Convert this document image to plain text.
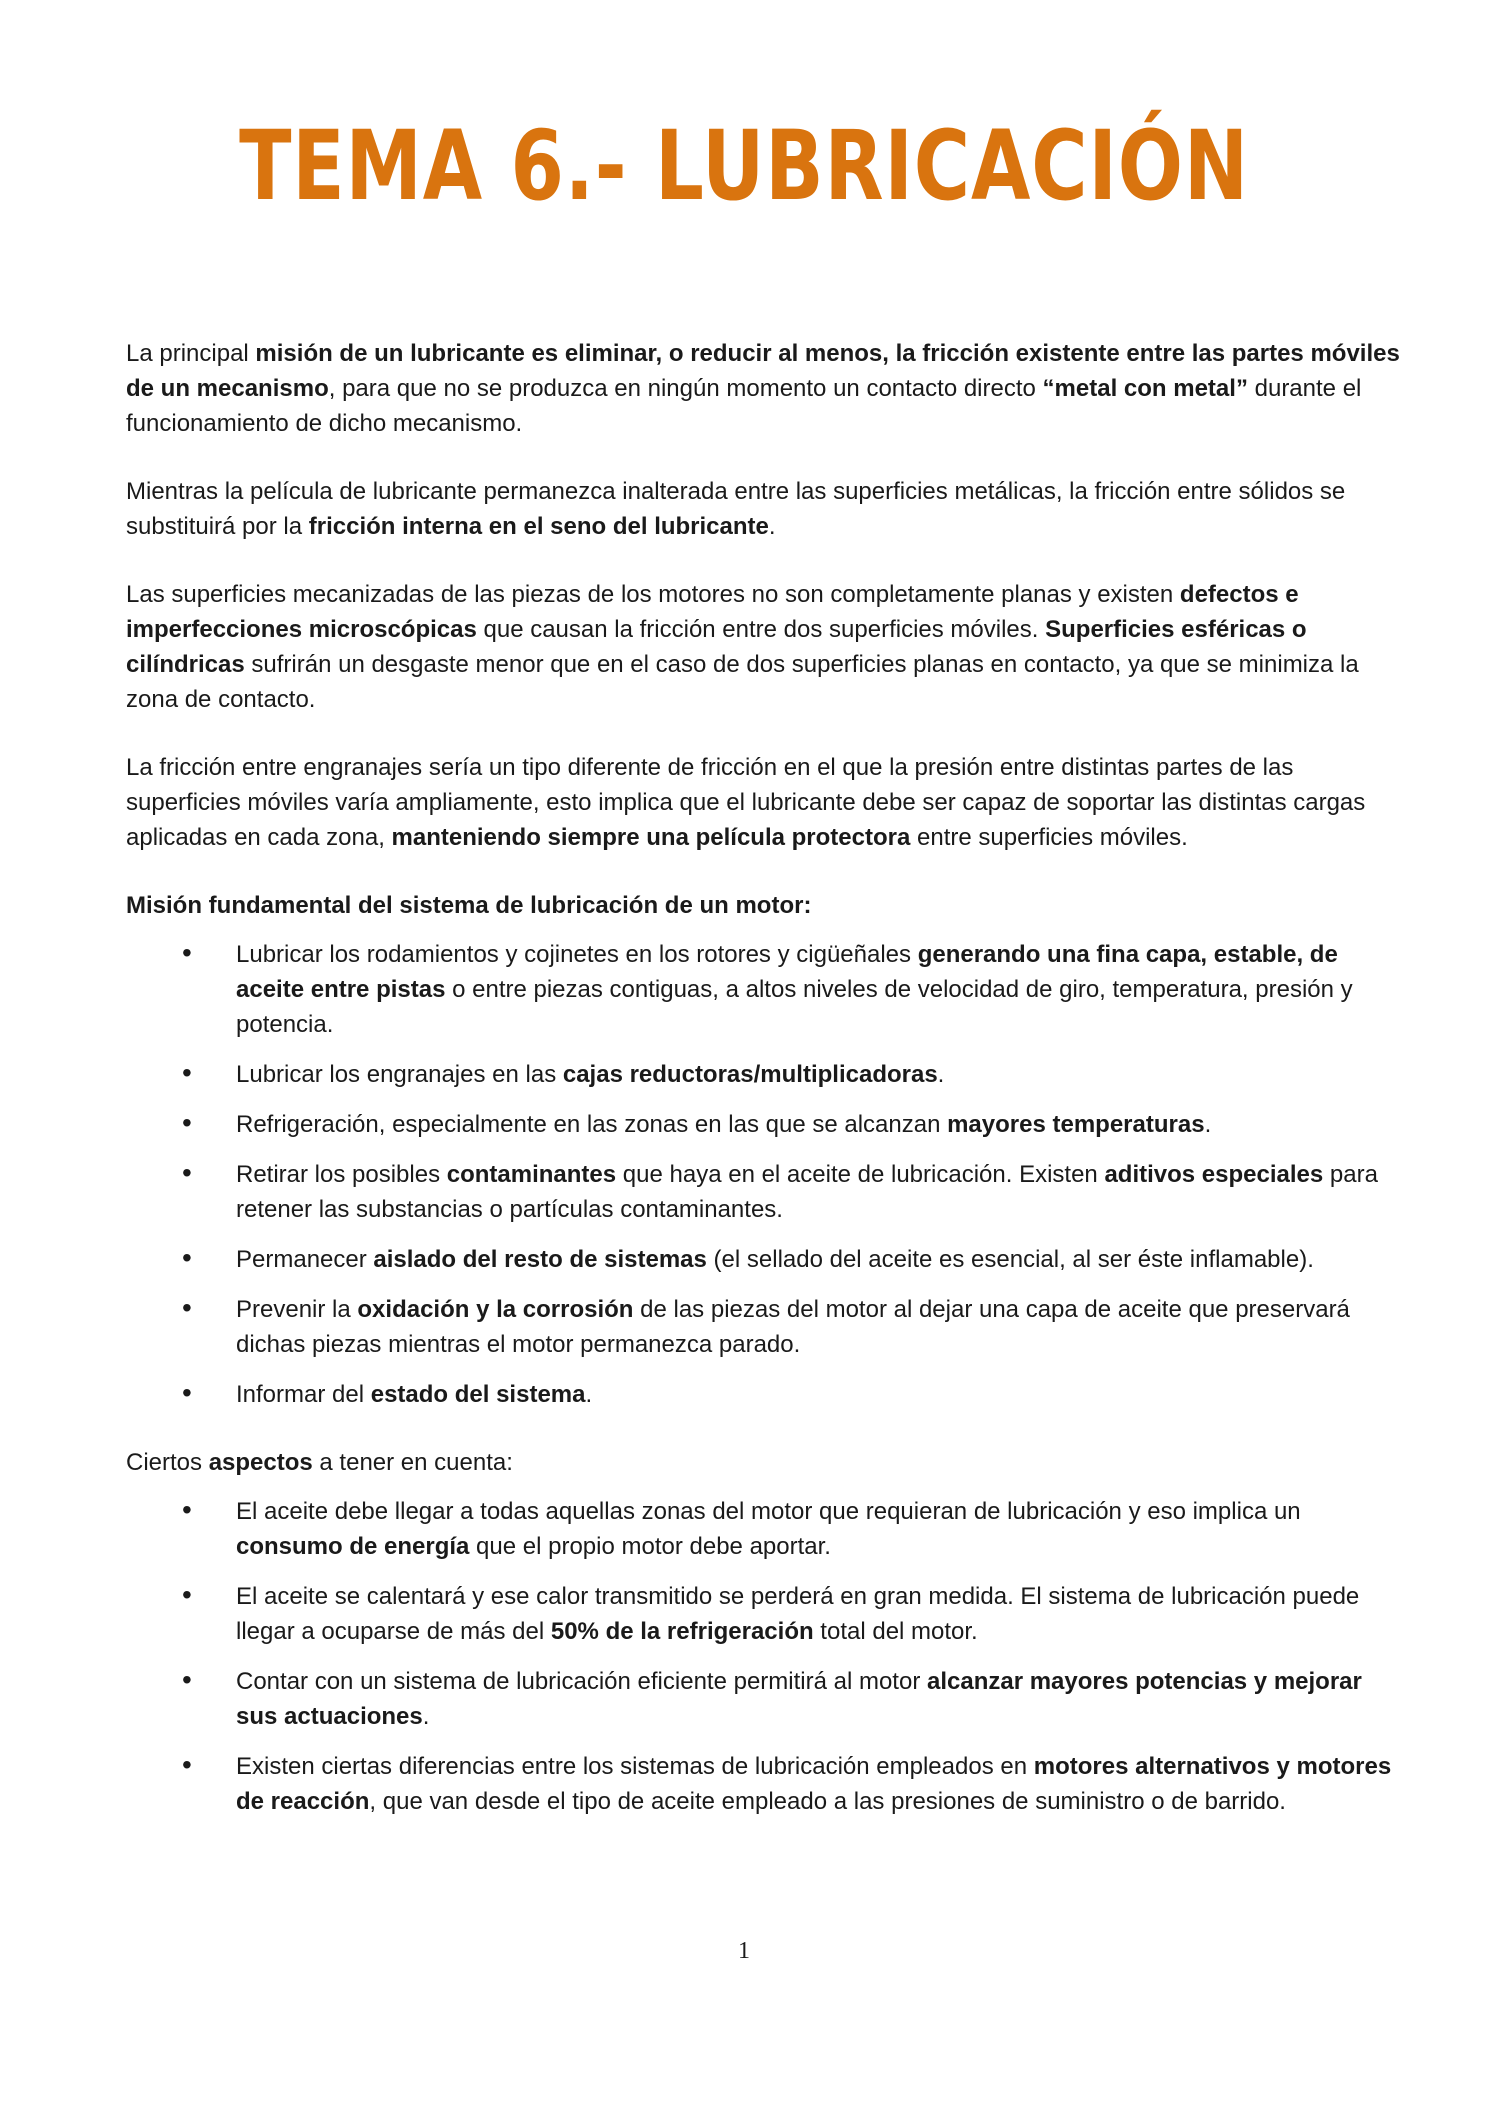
TEMA 6.- LUBRICACIÓN

La principal misión de un lubricante es eliminar, o reducir al menos, la fricción existente entre las partes móviles de un mecanismo, para que no se produzca en ningún momento un contacto directo “metal con metal” durante el funcionamiento de dicho mecanismo.

Mientras la película de lubricante permanezca inalterada entre las superficies metálicas, la fricción entre sólidos se substituirá por la fricción interna en el seno del lubricante.

Las superficies mecanizadas de las piezas de los motores no son completamente planas y existen defectos e imperfecciones microscópicas que causan la fricción entre dos superficies móviles. Superficies esféricas o cilíndricas sufrirán un desgaste menor que en el caso de dos superficies planas en contacto, ya que se minimiza la zona de contacto.

La fricción entre engranajes sería un tipo diferente de fricción en el que la presión entre distintas partes de las superficies móviles varía ampliamente, esto implica que el lubricante debe ser capaz de soportar las distintas cargas aplicadas en cada zona, manteniendo siempre una película protectora entre superficies móviles.

Misión fundamental del sistema de lubricación de un motor:

• Lubricar los rodamientos y cojinetes en los rotores y cigüeñales generando una fina capa, estable, de aceite entre pistas o entre piezas contiguas, a altos niveles de velocidad de giro, temperatura, presión y potencia.
• Lubricar los engranajes en las cajas reductoras/multiplicadoras.
• Refrigeración, especialmente en las zonas en las que se alcanzan mayores temperaturas.
• Retirar los posibles contaminantes que haya en el aceite de lubricación. Existen aditivos especiales para retener las substancias o partículas contaminantes.
• Permanecer aislado del resto de sistemas (el sellado del aceite es esencial, al ser éste inflamable).
• Prevenir la oxidación y la corrosión de las piezas del motor al dejar una capa de aceite que preservará dichas piezas mientras el motor permanezca parado.
• Informar del estado del sistema.

Ciertos aspectos a tener en cuenta:

• El aceite debe llegar a todas aquellas zonas del motor que requieran de lubricación y eso implica un consumo de energía que el propio motor debe aportar.
• El aceite se calentará y ese calor transmitido se perderá en gran medida. El sistema de lubricación puede llegar a ocuparse de más del 50% de la refrigeración total del motor.
• Contar con un sistema de lubricación eficiente permitirá al motor alcanzar mayores potencias y mejorar sus actuaciones.
• Existen ciertas diferencias entre los sistemas de lubricación empleados en motores alternativos y motores de reacción, que van desde el tipo de aceite empleado a las presiones de suministro o de barrido.
1
